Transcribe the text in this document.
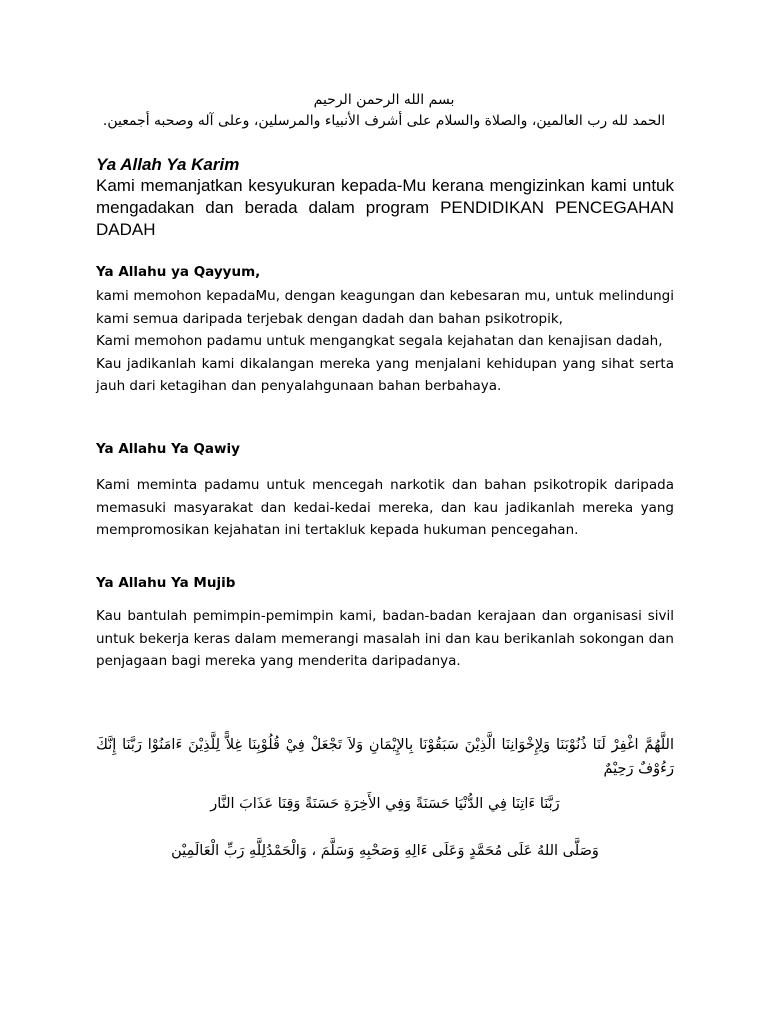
بسم الله الرحمن الرحيم
الحمد لله رب العالمين، والصلاة والسلام على أشرف الأنبياء والمرسلين، وعلى آله وصحبه أجمعين.
Ya Allah Ya Karim
Kami memanjatkan kesyukuran kepada-Mu kerana mengizinkan kami untuk mengadakan dan berada dalam program PENDIDIKAN PENCEGAHAN DADAH
Ya Allahu ya Qayyum,

kami memohon kepadaMu, dengan keagungan dan kebesaran mu, untuk melindungi kami semua daripada terjebak dengan dadah dan bahan psikotropik,

Kami memohon padamu untuk mengangkat segala kejahatan dan kenajisan dadah,

Kau jadikanlah kami dikalangan mereka yang menjalani kehidupan yang sihat serta jauh dari ketagihan dan penyalahgunaan bahan berbahaya.

Ya Allahu Ya Qawiy

Kami meminta padamu untuk mencegah narkotik dan bahan psikotropik daripada memasuki masyarakat dan kedai-kedai mereka, dan kau jadikanlah mereka yang mempromosikan kejahatan ini tertakluk kepada hukuman pencegahan.

Ya Allahu Ya Mujib

Kau bantulah pemimpin-pemimpin kami, badan-badan kerajaan dan organisasi sivil untuk bekerja keras dalam memerangi masalah ini dan kau berikanlah sokongan dan penjagaan bagi mereka yang menderita daripadanya.

اللَّهُمَّ اغْفِرْ لَنَا ذُنُوْبَنَا وَلِإِخْوَانِنَا الَّذِيْنَ سَبَقُوْنَا بِالإِيْمَانِ وَلاَ تَجْعَلْ فِيْ قُلُوْبِنَا غِلاًّ لِلَّذِيْنَ ءَامَنُوْا رَبَّنَا إِنَّكَ رَءُوْفٌ رَحِيْمٌ
رَبَّنَا ءَاتِنَا فِي الدُّنْيَا حَسَنَةً وَفِي الأَخِرَةِ حَسَنَةً وَقِنَا عَذَابَ النَّار
وَصَلَّى اللهُ عَلَى مُحَمَّدٍ وَعَلَى ءَالِهِ وَصَحْبِهِ وَسَلَّمَ ، وَالْحَمْدُلِلَّهِ رَبِّ الْعَالَمِيْن
